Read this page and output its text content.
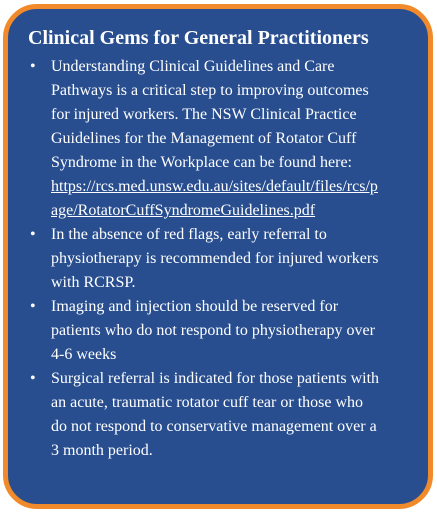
Clinical Gems for General Practitioners
• Understanding Clinical Guidelines and Care
Pathways is a critical step to improving outcomes
for injured workers. The NSW Clinical Practice
Guidelines for the Management of Rotator Cuff
Syndrome in the Workplace can be found here:
https://rcs.med.unsw.edu.au/sites/default/files/rcs/p
age/RotatorCuffSyndromeGuidelines.pdf
• In the absence of red flags, early referral to
physiotherapy is recommended for injured workers
with RCRSP.
• Imaging and injection should be reserved for
patients who do not respond to physiotherapy over
4-6 weeks
• Surgical referral is indicated for those patients with
an acute, traumatic rotator cuff tear or those who
do not respond to conservative management over a
3 month period.
